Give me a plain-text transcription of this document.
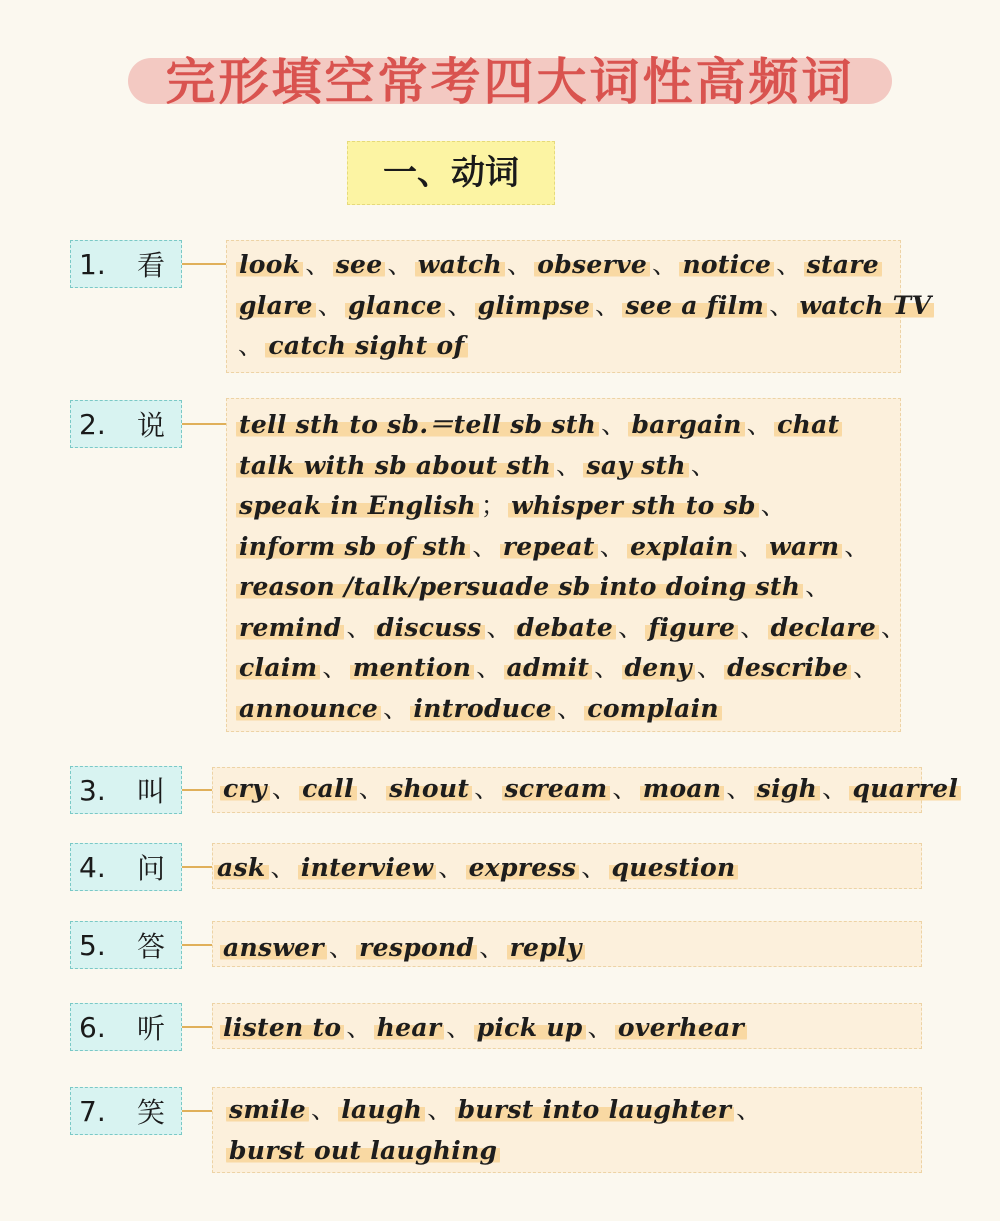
完形填空常考四大词性高频词
一、动词
1.	看	look 、 see 、 watch 、 observe 、 notice 、 stare
glare 、 glance 、 glimpse 、 see a film 、 watch TV
、 catch sight of
2.	说	tell sth to sb.＝tell sb sth 、 bargain 、 chat
talk with sb about sth 、 say sth 、
speak in English ； whisper sth to sb 、
inform sb of sth 、 repeat 、 explain 、 warn 、
reason /talk/persuade sb into doing sth 、
remind 、 discuss 、 debate 、 figure 、 declare 、
claim 、 mention 、 admit 、 deny 、 describe 、
announce 、 introduce 、 complain
3.	叫 cry 、 call 、 shout 、 scream 、 moan 、 sigh 、 quarrel
4.	问 ask 、 interview 、 express 、 question
5.	答 answer 、 respond 、 reply
6.	听 listen to 、 hear 、 pick up 、 overhear
7.	笑	smile 、 laugh 、 burst into laughter 、
burst out laughing
